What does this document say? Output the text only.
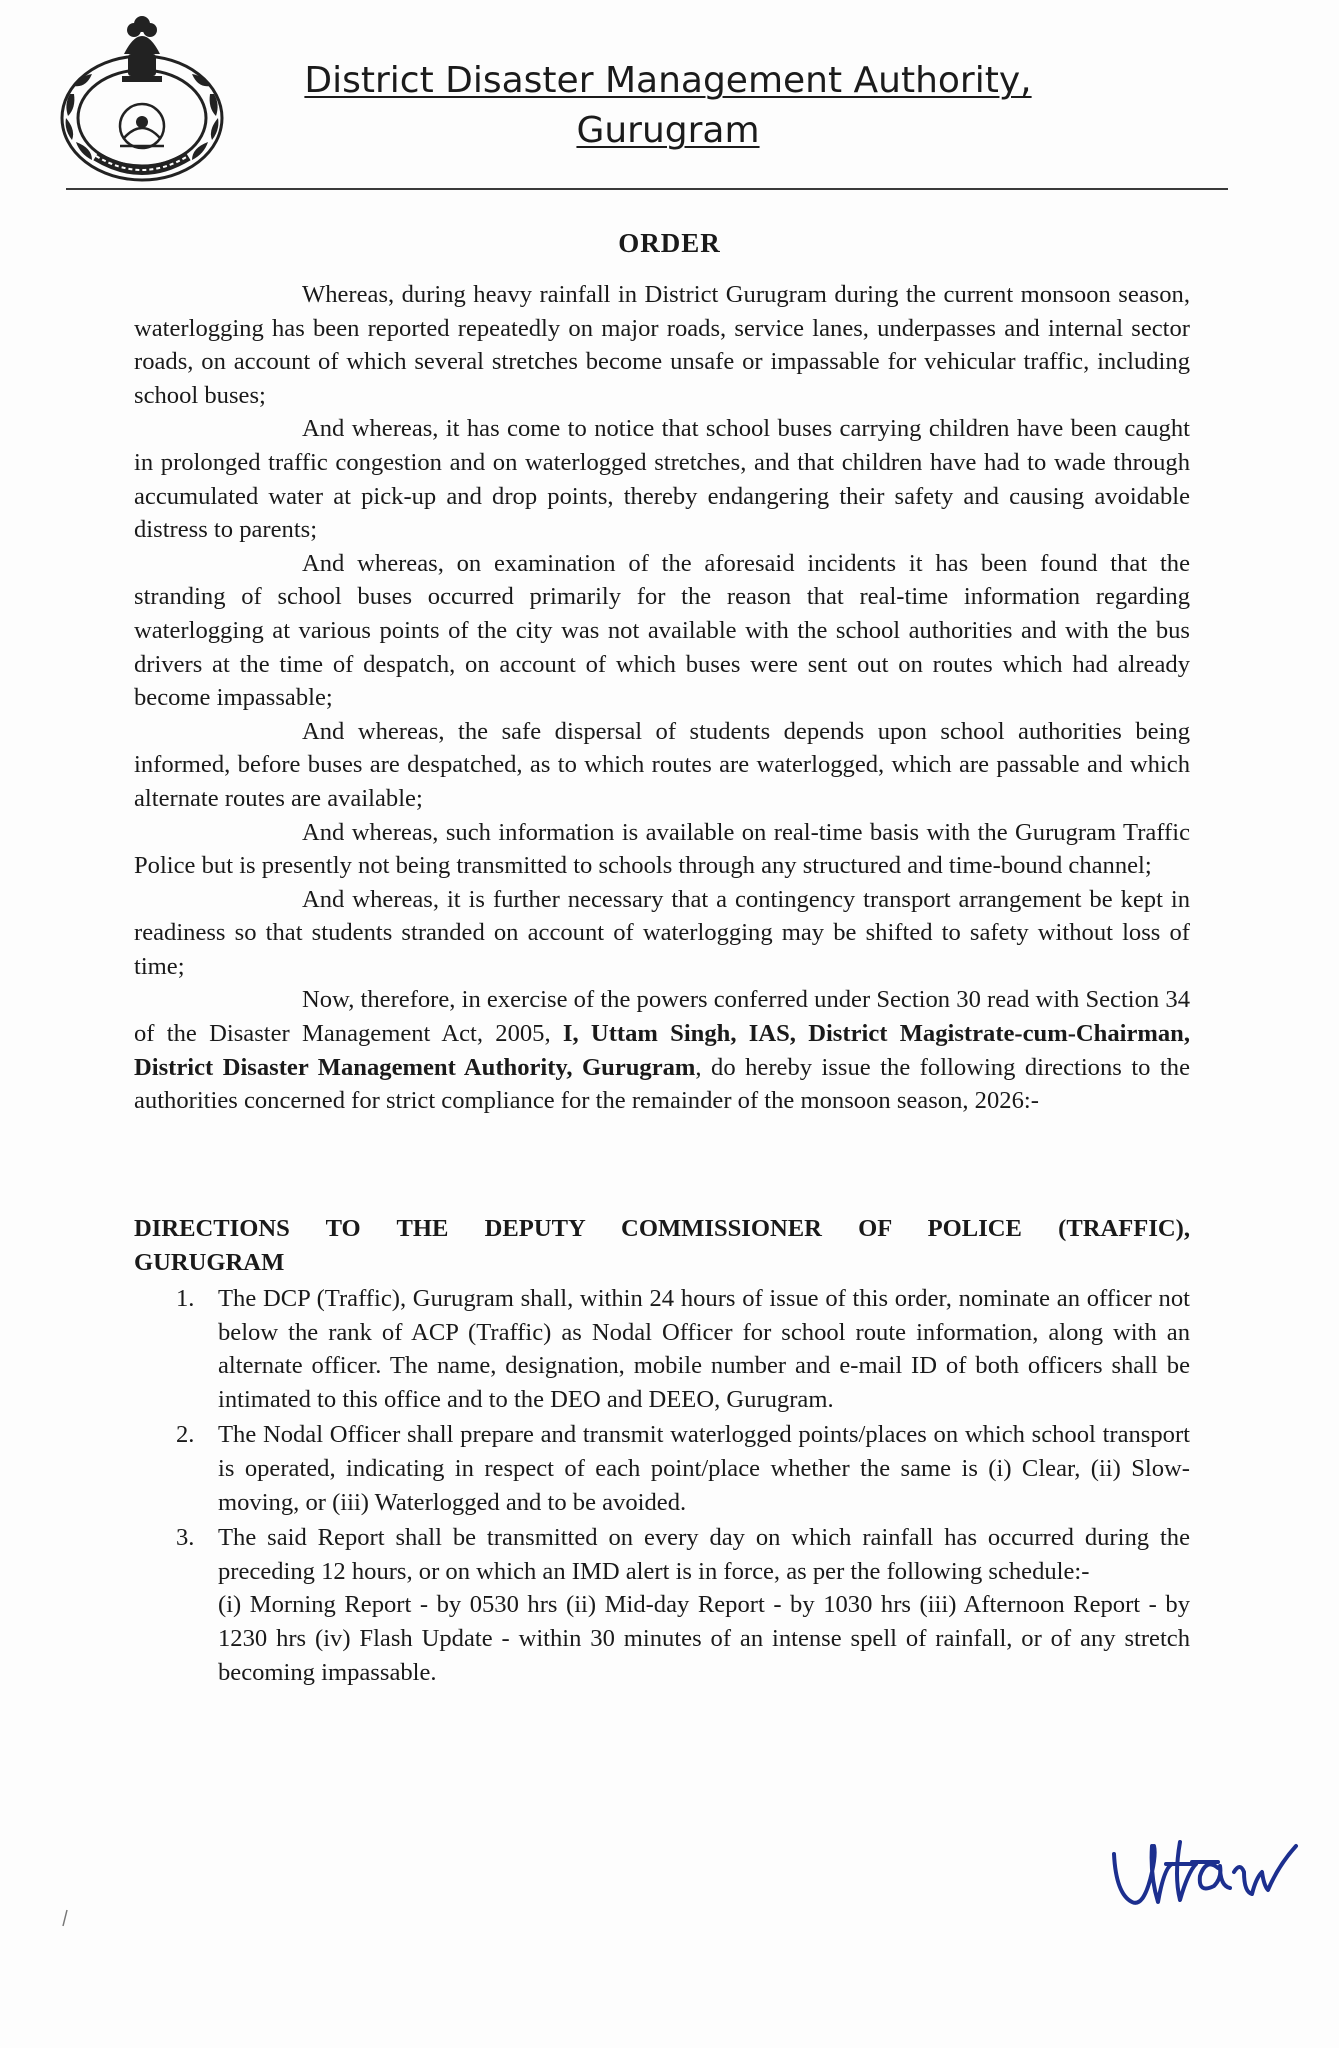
District Disaster Management Authority,
Gurugram
ORDER

Whereas, during heavy rainfall in District Gurugram during the current monsoon season, waterlogging has been reported repeatedly on major roads, service lanes, underpasses and internal sector roads, on account of which several stretches become unsafe or impassable for vehicular traffic, including school buses;

And whereas, it has come to notice that school buses carrying children have been caught in prolonged traffic congestion and on waterlogged stretches, and that children have had to wade through accumulated water at pick-up and drop points, thereby endangering their safety and causing avoidable distress to parents;

And whereas, on examination of the aforesaid incidents it has been found that the stranding of school buses occurred primarily for the reason that real-time information regarding waterlogging at various points of the city was not available with the school authorities and with the bus drivers at the time of despatch, on account of which buses were sent out on routes which had already become impassable;

And whereas, the safe dispersal of students depends upon school authorities being informed, before buses are despatched, as to which routes are waterlogged, which are passable and which alternate routes are available;

And whereas, such information is available on real-time basis with the Gurugram Traffic Police but is presently not being transmitted to schools through any structured and time-bound channel;

And whereas, it is further necessary that a contingency transport arrangement be kept in readiness so that students stranded on account of waterlogging may be shifted to safety without loss of time;

Now, therefore, in exercise of the powers conferred under Section 30 read with Section 34 of the Disaster Management Act, 2005, I, Uttam Singh, IAS, District Magistrate-cum-Chairman, District Disaster Management Authority, Gurugram, do hereby issue the following directions to the authorities concerned for strict compliance for the remainder of the monsoon season, 2026:-

DIRECTIONS TO THE DEPUTY COMMISSIONER OF POLICE (TRAFFIC),
GURUGRAM
1. The DCP (Traffic), Gurugram shall, within 24 hours of issue of this order, nominate an officer not below the rank of ACP (Traffic) as Nodal Officer for school route information, along with an alternate officer. The name, designation, mobile number and e-mail ID of both officers shall be intimated to this office and to the DEO and DEEO, Gurugram.
2. The Nodal Officer shall prepare and transmit waterlogged points/places on which school transport is operated, indicating in respect of each point/place whether the same is (i) Clear, (ii) Slow-moving, or (iii) Waterlogged and to be avoided.
3. The said Report shall be transmitted on every day on which rainfall has occurred during the preceding 12 hours, or on which an IMD alert is in force, as per the following schedule:-
(i) Morning Report - by 0530 hrs (ii) Mid-day Report - by 1030 hrs (iii) Afternoon Report - by 1230 hrs (iv) Flash Update - within 30 minutes of an intense spell of rainfall, or of any stretch becoming impassable.
